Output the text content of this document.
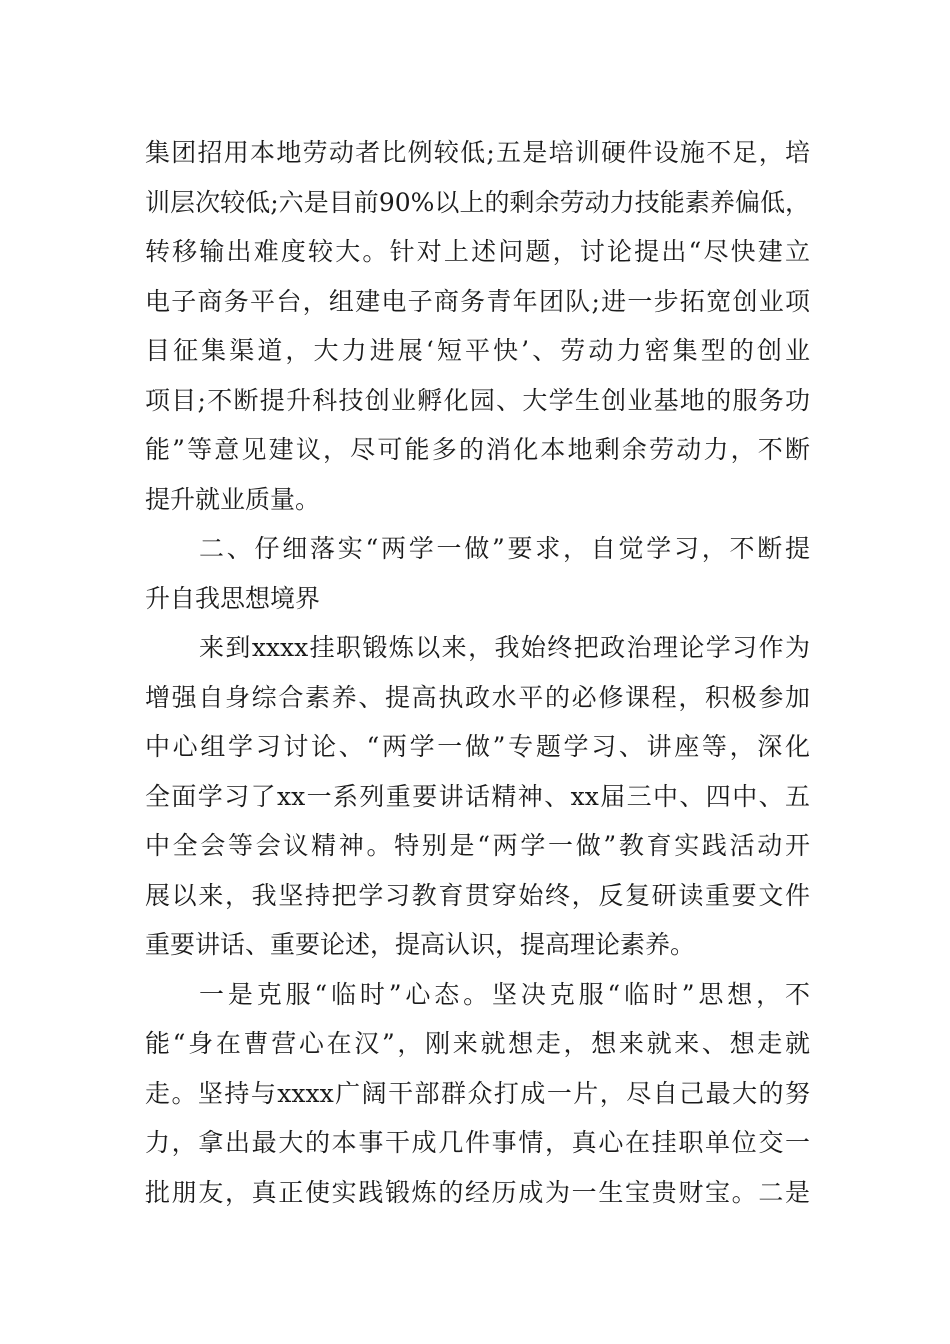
集团招用本地劳动者比例较低;五是培训硬件设施不足，培
训层次较低;六是目前90%以上的剩余劳动力技能素养偏低，
转移输出难度较大。针对上述问题，讨论提出“尽快建立
电子商务平台，组建电子商务青年团队;进一步拓宽创业项
目征集渠道，大力进展‘短平快’、劳动力密集型的创业
项目;不断提升科技创业孵化园、大学生创业基地的服务功
能”等意见建议，尽可能多的消化本地剩余劳动力，不断
提升就业质量。
二、仔细落实“两学一做”要求，自觉学习，不断提
升自我思想境界
来到xxxx挂职锻炼以来，我始终把政治理论学习作为
增强自身综合素养、提高执政水平的必修课程，积极参加
中心组学习讨论、“两学一做”专题学习、讲座等，深化
全面学习了xx一系列重要讲话精神、xx届三中、四中、五
中全会等会议精神。特别是“两学一做”教育实践活动开
展以来，我坚持把学习教育贯穿始终，反复研读重要文件
重要讲话、重要论述，提高认识，提高理论素养。
一是克服“临时”心态。坚决克服“临时”思想，不
能“身在曹营心在汉”，刚来就想走，想来就来、想走就
走。坚持与xxxx广阔干部群众打成一片，尽自己最大的努
力，拿出最大的本事干成几件事情，真心在挂职单位交一
批朋友，真正使实践锻炼的经历成为一生宝贵财宝。二是
